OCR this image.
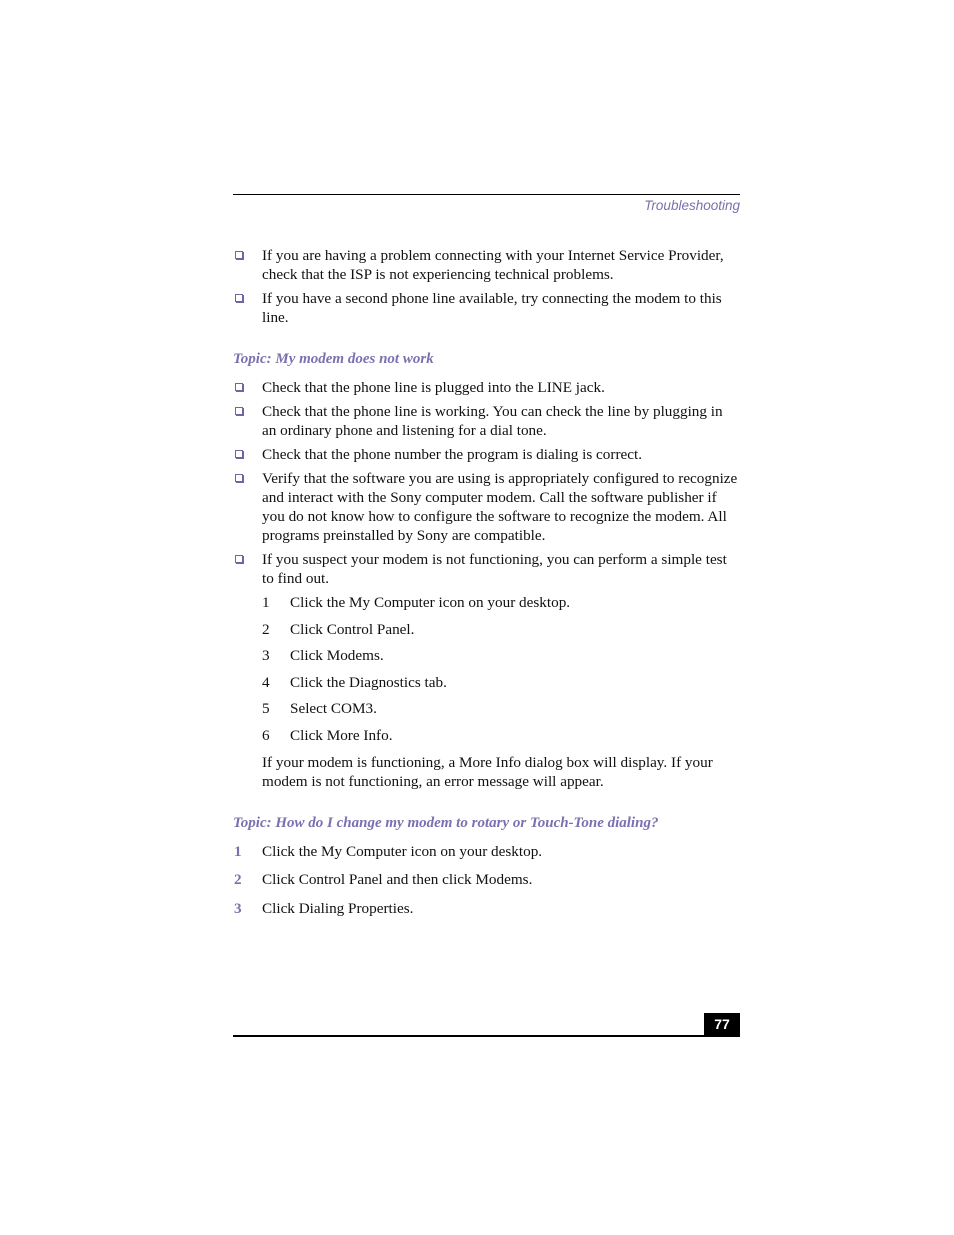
Troubleshooting
If you are having a problem connecting with your Internet Service Provider, check that the ISP is not experiencing technical problems.
If you have a second phone line available, try connecting the modem to this line.
Topic: My modem does not work
Check that the phone line is plugged into the LINE jack.
Check that the phone line is working. You can check the line by plugging in an ordinary phone and listening for a dial tone.
Check that the phone number the program is dialing is correct.
Verify that the software you are using is appropriately configured to recognize and interact with the Sony computer modem. Call the software publisher if you do not know how to configure the software to recognize the modem. All programs preinstalled by Sony are compatible.
If you suspect your modem is not functioning, you can perform a simple test to find out.
1 Click the My Computer icon on your desktop.
2 Click Control Panel.
3 Click Modems.
4 Click the Diagnostics tab.
5 Select COM3.
6 Click More Info.
If your modem is functioning, a More Info dialog box will display. If your modem is not functioning, an error message will appear.
Topic: How do I change my modem to rotary or Touch-Tone dialing?
1 Click the My Computer icon on your desktop.
2 Click Control Panel and then click Modems.
3 Click Dialing Properties.
77
